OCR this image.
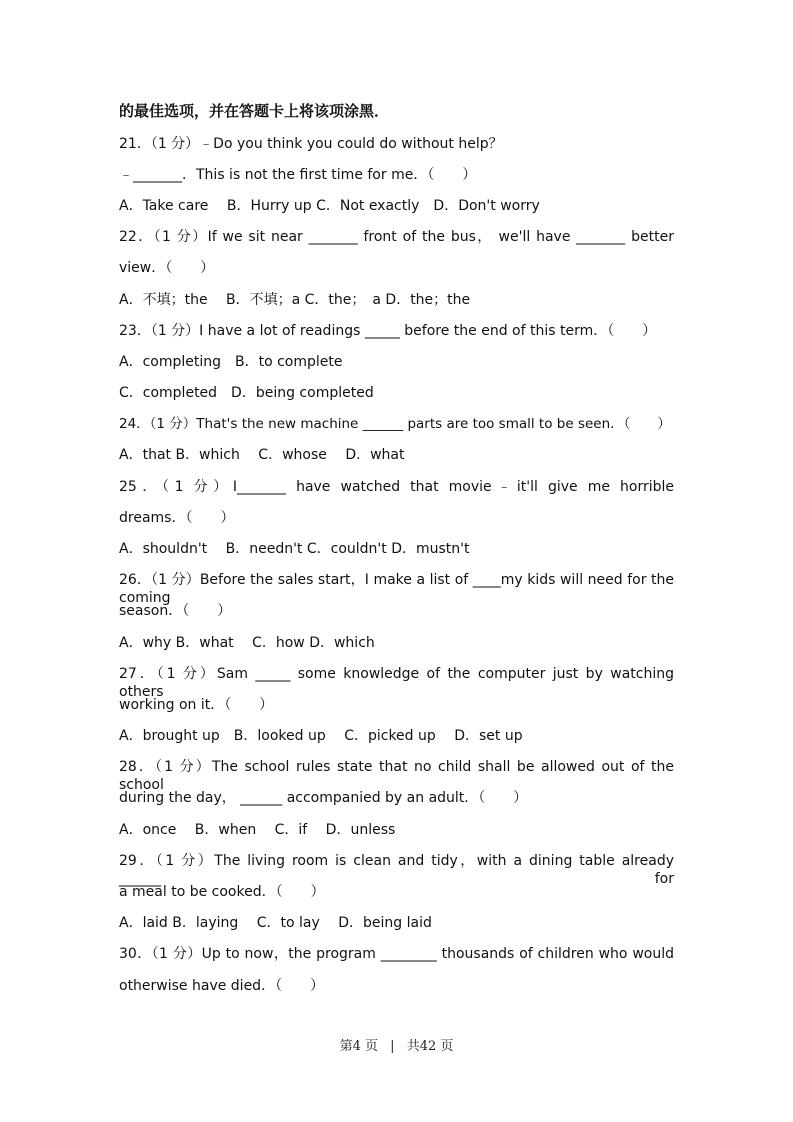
的最佳选项，并在答题卡上将该项涂黑．
21．（1 分）﹣Do you think you could do without help？
﹣_______．This is not the first time for me．（　　）
A．Take care　 B．Hurry up C．Not exactly　D．Don't worry
22．（1 分）If we sit near _______ front of the bus， we'll have _______ better
view．（　　）
A．不填；the　 B．不填；a C．the；　a D．the；the
23．（1 分）I have a lot of readings _____ before the end of this term．（　　）
A．completing　B．to complete
C．completed　D．being completed
24．（1 分）That's the new machine ______ parts are too small to be seen．（　　）
A．that B．which　 C．whose　 D．what
25．（1 分）I_______ have watched that movie﹣it'll give me horrible
dreams．（　　）
A．shouldn't　 B．needn't C．couldn't D．mustn't
26．（1 分）Before the sales start，I make a list of ____my kids will need for the coming
season．（　　）
A．why B．what　 C．how D．which
27．（1 分）Sam _____ some knowledge of the computer just by watching others
working on it．（　　）
A．brought up　B．looked up　 C．picked up　 D．set up
28．（1 分）The school rules state that no child shall be allowed out of the school
during the day， ______ accompanied by an adult．（　　）
A．once　 B．when　 C．if　 D．unless
29．（1 分）The living room is clean and tidy，with a dining table already ______ for
a meal to be cooked．（　　）
A．laid B．laying　 C．to lay　 D．being laid
30．（1 分）Up to now，the program ________ thousands of children who would
otherwise have died．（　　）
第4 页 | 共42 页
